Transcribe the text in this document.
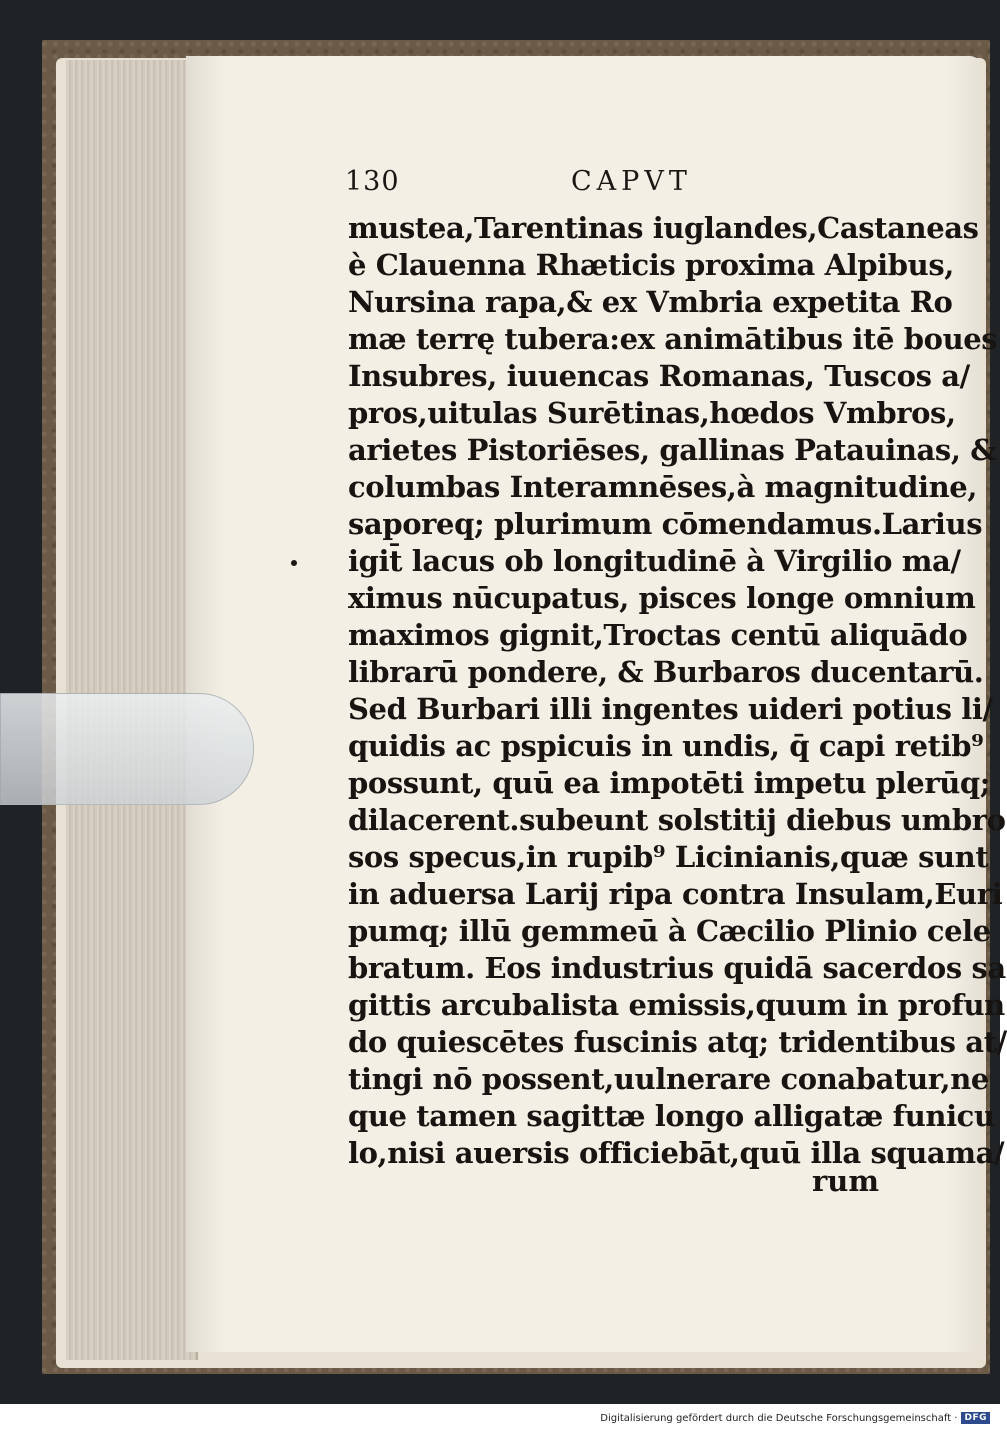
130	CAPVT
mustea,Tarentinas iuglandes,Castaneas
è Clauenna Rhæticis proxima Alpibus,
Nursina rapa,& ex Vmbria expetita Ro
mæ terrę tubera:ex animātibus itē boues
Insubres, iuuencas Romanas, Tuscos a/
pros,uitulas Surētinas,hœdos Vmbros,
arietes Pistoriēses, gallinas Patauinas, &
columbas Interamnēses,à magnitudine,
saporeq; plurimum cōmendamus.Larius
igit̄ lacus ob longitudinē à Virgilio ma/
ximus nūcupatus, pisces longe omnium
maximos gignit,Troctas centū aliquādo
librarū pondere, & Burbaros ducentarū.
Sed Burbari illi ingentes uideri potius li/
quidis ac pspicuis in undis, q̄ capi retib⁹
possunt, quū ea impotēti impetu plerūq;
dilacerent.subeunt solstitij diebus umbro
sos specus,in rupib⁹ Licinianis,quæ sunt
in aduersa Larij ripa contra Insulam,Euri
pumq; illū gemmeū à Cæcilio Plinio cele
bratum. Eos industrius quidā sacerdos sa
gittis arcubalista emissis,quum in profun
do quiescētes fuscinis atq; tridentibus at/
tingi nō possent,uulnerare conabatur,ne
que tamen sagittæ longo alligatæ funicu
lo,nisi auersis officiebāt,quū illa squama/
rum
Digitalisierung gefördert durch die Deutsche Forschungsgemeinschaft · DFG
